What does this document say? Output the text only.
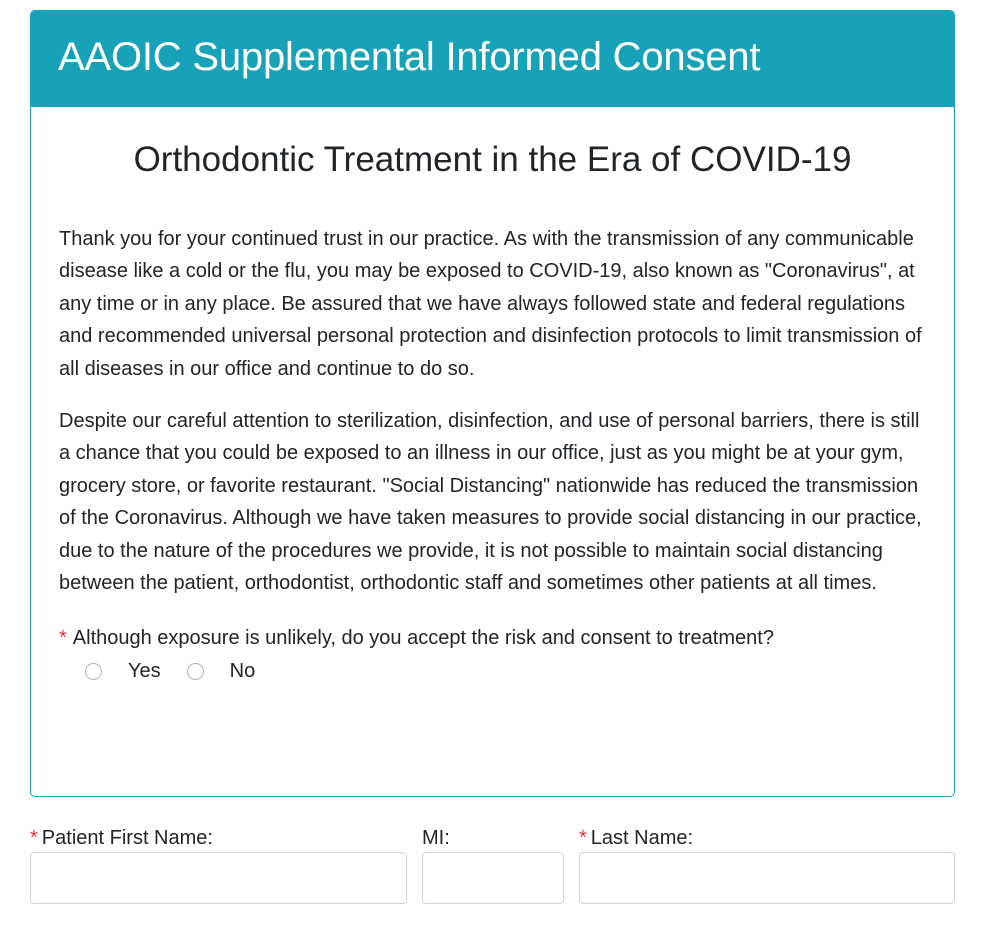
AAOIC Supplemental Informed Consent
Orthodontic Treatment in the Era of COVID-19

Thank you for your continued trust in our practice. As with the transmission of any communicable disease like a cold or the flu, you may be exposed to COVID-19, also known as "Coronavirus", at any time or in any place. Be assured that we have always followed state and federal regulations and recommended universal personal protection and disinfection protocols to limit transmission of all diseases in our office and continue to do so.

Despite our careful attention to sterilization, disinfection, and use of personal barriers, there is still a chance that you could be exposed to an illness in our office, just as you might be at your gym, grocery store, or favorite restaurant. "Social Distancing" nationwide has reduced the transmission of the Coronavirus. Although we have taken measures to provide social distancing in our practice, due to the nature of the procedures we provide, it is not possible to maintain social distancing between the patient, orthodontist, orthodontic staff and sometimes other patients at all times.

* Although exposure is unlikely, do you accept the risk and consent to treatment?
Yes	No
* Patient First Name:	MI:	* Last Name:
